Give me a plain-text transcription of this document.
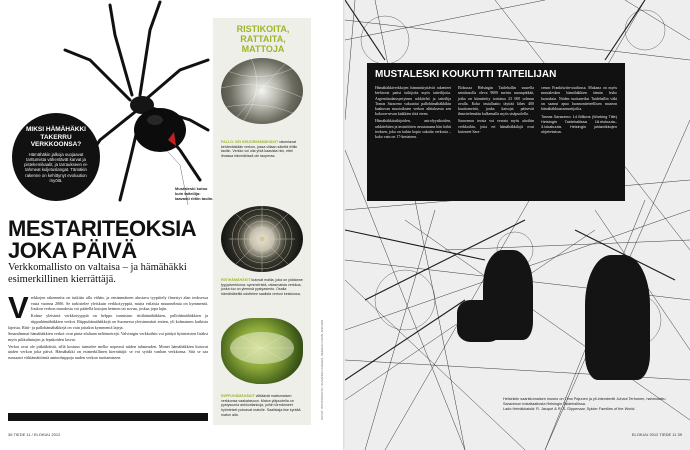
Mustaleski kutoo kuin taiteilija: laavasti riitiin taolin.
MIKSI HÄMÄHÄKKI TAKERRU VERKKOONSA?
Hämähäkin jalkoja suojaavat tarttumista vähentävät karvat ja pistekemikaalit, ja tarraukseen ei-tahmeat kuljetuslangat. Tämäkin rakenne on kehittynyt evoluution myötä.
MESTARITEOKSIA
JOKA PÄIVÄ
Verkkomallisto on valtaisa – ja hämähäkki esimerkillinen kierrättäjä.
V erkkojen rakennetta on tutkittu alla vähän, ja ensimmäinen alustava tyypittely ilmestyi alan teoksessa vasta vuonna 2006. Se tarkistelee yleiskuin verkkotyyppiä, mutta erilaisia muunnelmia on kymmeniä. Joukon verkon muodosta voi päätellä kutojan heimon tai suvun, joskus jopa lajin.

Kolme yleisintä verkkotyyppiä on helppo tunnistaa: riitihämähäkkien, pallohämähäkkien ja riippuhämähäkkien verkot. Riippuhämähäkkejä on Suomessa yleisimmästi eniten, yli kolmannes kaikista lajeista. Riiti- ja pallohämähäkkejä on vain joitakin kymmeniä lajeja.

Smaralmmat hämähäkkien verkot ovat pinta-alaltaan neliömetrejä. Valvinigin verkkoihin voi päätyä hyönteisten lisäksi myös pikkulintujen ja lepakoiden lasvat.

Verkot ovat ole pitkäikäisiä, sillä kostuus turmelee melko nopeasti niiden tahmeuden. Monet hämähäkkien kutovat uuden verkon joka päivä. Hämähäkki on esimerkillinen kierrättäjä: se voi syödä vanhan verkkonsa. Sitä se saa runsaasti välttämättömiä aminohappoja uuden verkon tuottamiseen.

36 TIEDE 11 / ELOKUU 2012
RISTIKOITA, RATTAITA, MATTOJA
PALLO- SEI KIRJORIHÄMÄHÄKIT rakentavat kehämäisiään verkon, jossa viilaan säiettä riiitiin taoliin. Verkko voi olla yhtä kaasista niin, ettei ilmassa hänmäkissä ole taoperaa.
RIITIHÄMÄHÄKIT kutovat mallia, joka on yiddanne tyyppiverkkona: symmetristä, ratasmaista verkkoa, jonka tuo on yleensä pystyasento. Osalla hämähäkeillä odottelee saalista verkon keskiossa.
RIIPPUHÄMÄHÄKIT viittäävät mattomaisen verkkonsa vaakatasoon. Maton yläpuolella on pystysuoria ankkurilankoja, joihin törmänneet hyönteiset putoavat matolle. Saalistaja itse kyntää maton alla.	KUVAT: ISTOCKPHOTO, SUSANNA HUGHES, SEMAJA CUKIN, ANN WAI
MUSTALESKI KOUKUTTI TAITEILIJAN

Hämähäkkiverkkojen hämmästyttävät rakenteet kiehtovat paitsi tutkijoita myös taiteilijoita. Argentiinalaissyntyinen arkkitehti ja taiteilija Tomas Saraceno vakuuttui pallohämähäkkikin kaakuvan muotoiksien verkon alttiuksesta sen kokoon-sevan kaikkien tiitä eteen.

Hämähäkkitutkijoiden, astrofyysikoiden, arkkitehtien ja insinöörien avustamana hän loihti teoksen, joka on tarkin kopio sukulta verkosta – koko vain on 17-kertainen.

Elokussa Helsingin Taidehallin suurella seinätasolla oleva 9000 metrin narunpätkää, jotka on kiinnitetty toisiinsa 23 000 solmun avulla. Koko installaatio täyttää lähes 400 kuutiometriä, jonka katsojat pääsevät ihmettelemään kulkemalla myös sisäpuolella.

Saracenon teosta voi verrata myös aitoihin verkkoihin, joita eri hämähäkkilajit ovat kutoneet Sara-

cenon Frankfurtin-studiossa. Mukana on myös mustalesken hämähäkkien tämän lesko luonuksia. Niiden tuottaneiksi Taidehallin väki on saanut apua luonnontieteellisen museon hämähäkkiasiantuntijoilta.

Tomas Saraceno: 14 Billions (Working Title) Helsingin Taidehallissa 18.elokuuta–3.lokakuuta. Helsingin juhlaviikkojen ohjelmistoa.
Helsinkiin saaristomaisen museo on Timo Pajunen ja yli-intendentti Juhani Terhonen, hahmotettu Saracenon installaatiosta Helsingin Taidehallissa.
Lado Heinäkkaisiä: R. Jacqué & R. S. Dippenaar, Spider Families of the World.
ELOKUU 2012 TIEDE 11 39
